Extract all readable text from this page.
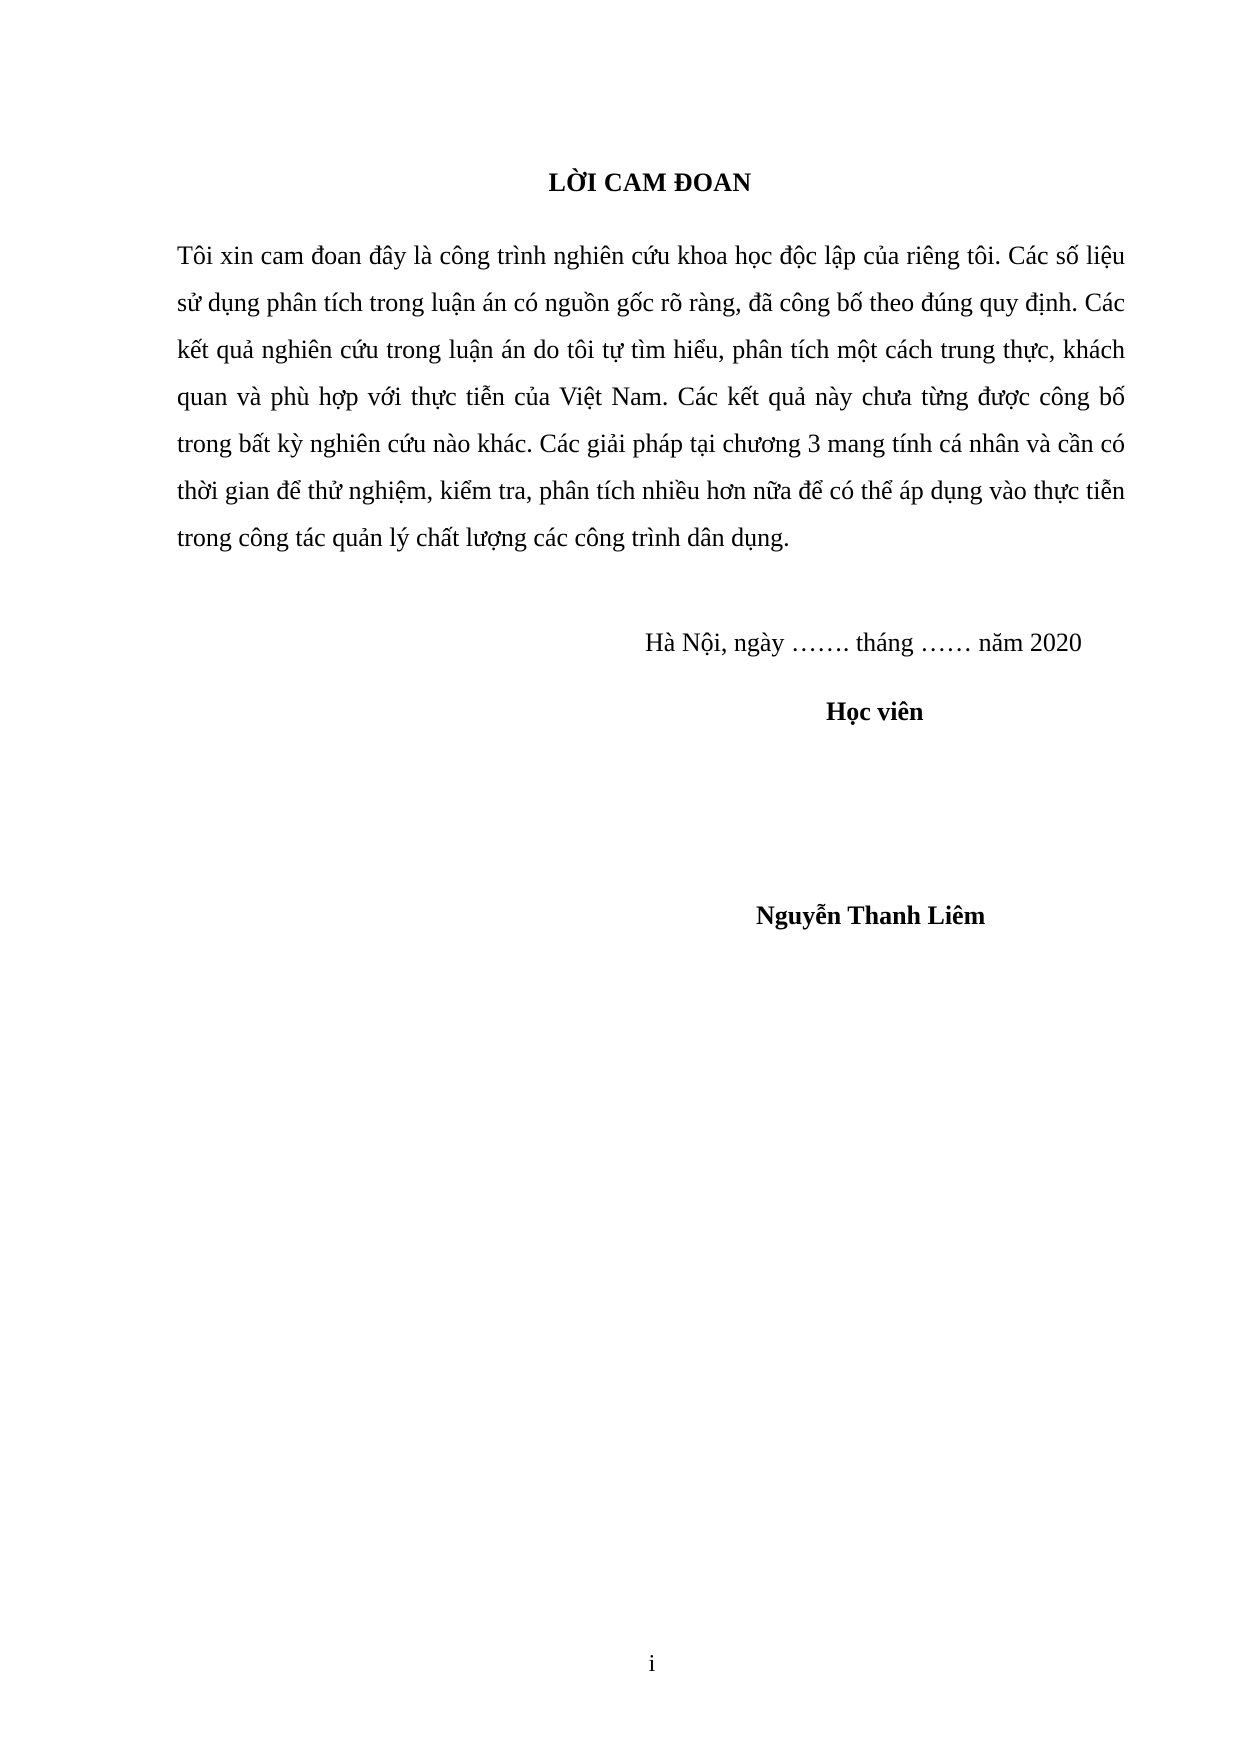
LỜI CAM ĐOAN

Tôi xin cam đoan đây là công trình nghiên cứu khoa học độc lập của riêng tôi. Các số liệu sử dụng phân tích trong luận án có nguồn gốc rõ ràng, đã công bố theo đúng quy định. Các kết quả nghiên cứu trong luận án do tôi tự tìm hiểu, phân tích một cách trung thực, khách quan và phù hợp với thực tiễn của Việt Nam. Các kết quả này chưa từng được công bố trong bất kỳ nghiên cứu nào khác. Các giải pháp tại chương 3 mang tính cá nhân và cần có thời gian để thử nghiệm, kiểm tra, phân tích nhiều hơn nữa để có thể áp dụng vào thực tiễn trong công tác quản lý chất lượng các công trình dân dụng.

Hà Nội, ngày ……. tháng …… năm 2020
Học viên
Nguyễn Thanh Liêm
i
